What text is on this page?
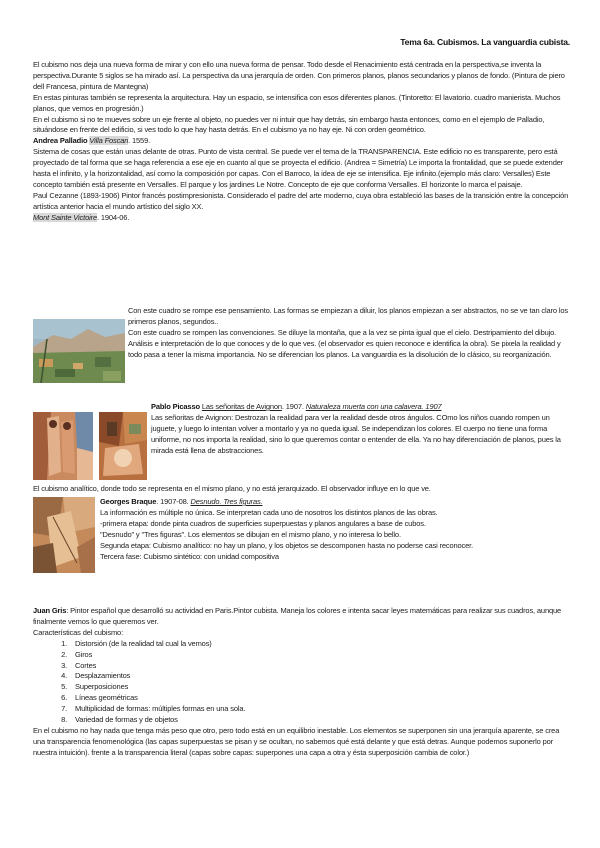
Tema 6a. Cubismos. La vanguardia cubista.

El cubismo nos deja una nueva forma de mirar y con ello una nueva forma de pensar. Todo desde el Renacimiento está centrada en la perspectiva,se inventa la perspectiva.Durante 5 siglos se ha mirado así. La perspectiva da una jerarquía de orden. Con primeros planos, planos secundarios y planos de fondo. (Pintura de piero dell Francesa, pintura de Mantegna)

En estas pinturas también se representa la arquitectura. Hay un espacio, se intensifica con esos diferentes planos. (Tintoretto: El lavatorio. cuadro manierista. Muchos planos, que vemos en progresión.)

En el cubismo si no te mueves sobre un eje frente al objeto, no puedes ver ni intuir que hay detrás, sin embargo hasta entonces, como en el ejemplo de Palladio, situándose en frente del edificio, si ves todo lo que hay hasta detrás. En el cubismo ya no hay eje. Ni con orden geométrico.

Andrea Palladio Villa Foscari. 1559.

Sistema de cosas que están unas delante de otras. Punto de vista central. Se puede ver el tema de la TRANSPARENCIA. Este edificio no es transparente, pero está proyectado de tal forma que se haga referencia a ese eje en cuanto al que se proyecta el edificio. (Andrea = Simetría) Le importa la frontalidad, que se puede extender hasta el infinito, y la horizontalidad, así como la composición por capas. Con el Barroco, la idea de eje se intensifica. Eje infinito.(ejemplo más claro: Versalles) Este concepto también está presente en Versalles. El parque y los jardines Le Notre. Concepto de eje que conforma Versalles. El horizonte lo marca el paisaje.

Paul Cezanne (1893-1906) Pintor francés postimpresionista. Considerado el padre del arte moderno, cuya obra estableció las bases de la transición entre la concepción artística anterior hacia el mundo artístico del siglo XX.

Mont Sainte Victoire. 1904-06.

Con este cuadro se rompe ese pensamiento. Las formas se empiezan a diluir, los planos empiezan a ser abstractos, no se ve tan claro los primeros planos, segundos..

Con este cuadro se rompen las convenciones. Se diluye la montaña, que a la vez se pinta igual que el cielo. Destripamiento del dibujo. Análisis e interpretación de lo que conoces y de lo que ves. (el observador es quien reconoce e identifica la obra). Se pixela la realidad y todo pasa a tener la misma importancia. No se diferencian los planos. La vanguardia es la disolución de lo clásico, su reorganización.

Pablo Picasso Las señoritas de Avignon. 1907. Naturaleza muerta con una calavera. 1907

Las señoritas de Avignon: Destrozan la realidad para ver la realidad desde otros ángulos. COmo los niños cuando rompen un juguete, y luego lo intentan volver a montarlo y ya no queda igual. Se independizan los colores. El cuerpo no tiene una forma uniforme, no nos importa la realidad, sino lo que queremos contar o entender de ella. Ya no hay diferenciación de planos, pues la mirada está llena de abstracciones.

El cubismo analítico, donde todo se representa en el mismo plano, y no está jerarquizado. El observador influye en lo que ve.

Georges Braque. 1907-08. Desnudo. Tres figuras.

La información es múltiple no única. Se interpretan cada uno de nosotros los distintos planos de las obras.

-primera etapa: donde pinta cuadros de superficies superpuestas y planos angulares a base de cubos.

"Desnudo" y "Tres figuras". Los elementos se dibujan en el mismo plano, y no interesa lo bello.

Segunda etapa: Cubismo analítico: no hay un plano, y los objetos se descomponen hasta no poderse casi reconocer.

Tercera fase: Cubismo sintético: con unidad compositiva

Juan Gris: Pintor español que desarrolló su actividad en Paris.Pintor cubista. Maneja los colores e intenta sacar leyes matemáticas para realizar sus cuadros, aunque finalmente vemos lo que queremos ver.

Características del cubismo:

1. Distorsión (de la realidad tal cual la vemos)
2. Giros
3. Cortes
4. Desplazamientos
5. Superposiciones
6. Líneas geométricas
7. Multiplicidad de formas: múltiples formas en una sola.
8. Variedad de formas y de objetos

En el cubismo no hay nada que tenga más peso que otro, pero todo está en un equilibrio inestable. Los elementos se superponen sin una jerarquía aparente, se crea una transparencia fenomenológica (las capas superpuestas se pisan y se ocultan, no sabemos qué está delante y que está detras. Aunque podemos suponerlo por nuestra intuición). frente a la transparencia literal (capas sobre capas: superpones una capa a otra y ésta superposición cambia de color.)
